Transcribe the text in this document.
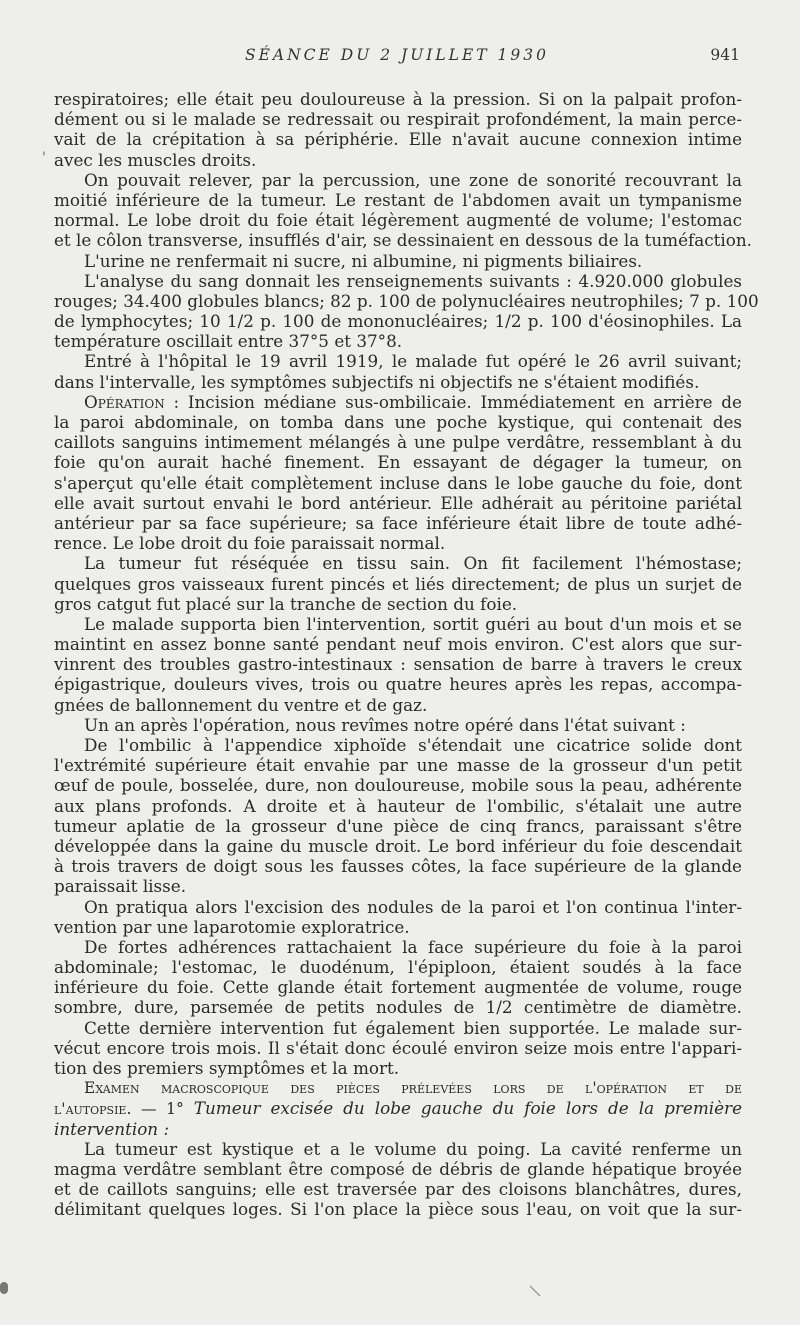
SÉANCE DU 2 JUILLET 1930	941
'
respiratoires; elle était peu douloureuse à la pression. Si on la palpait profon-
dément ou si le malade se redressait ou respirait profondément, la main perce-
vait de la crépitation à sa périphérie. Elle n'avait aucune connexion intime
avec les muscles droits.
On pouvait relever, par la percussion, une zone de sonorité recouvrant la
moitié inférieure de la tumeur. Le restant de l'abdomen avait un tympanisme
normal. Le lobe droit du foie était légèrement augmenté de volume; l'estomac
et le côlon transverse, insufflés d'air, se dessinaient en dessous de la tuméfaction.
L'urine ne renfermait ni sucre, ni albumine, ni pigments biliaires.
L'analyse du sang donnait les renseignements suivants : 4.920.000 globules
rouges; 34.400 globules blancs; 82 p. 100 de polynucléaires neutrophiles; 7 p. 100
de lymphocytes; 10 1/2 p. 100 de mononucléaires; 1/2 p. 100 d'éosinophiles. La
température oscillait entre 37°5 et 37°8.
Entré à l'hôpital le 19 avril 1919, le malade fut opéré le 26 avril suivant;
dans l'intervalle, les symptômes subjectifs ni objectifs ne s'étaient modifiés.
Opération : Incision médiane sus-ombilicaie. Immédiatement en arrière de
la paroi abdominale, on tomba dans une poche kystique, qui contenait des
caillots sanguins intimement mélangés à une pulpe verdâtre, ressemblant à du
foie qu'on aurait haché finement. En essayant de dégager la tumeur, on
s'aperçut qu'elle était complètement incluse dans le lobe gauche du foie, dont
elle avait surtout envahi le bord antérieur. Elle adhérait au péritoine pariétal
antérieur par sa face supérieure; sa face inférieure était libre de toute adhé-
rence. Le lobe droit du foie paraissait normal.
La tumeur fut réséquée en tissu sain. On fit facilement l'hémostase;
quelques gros vaisseaux furent pincés et liés directement; de plus un surjet de
gros catgut fut placé sur la tranche de section du foie.
Le malade supporta bien l'intervention, sortit guéri au bout d'un mois et se
maintint en assez bonne santé pendant neuf mois environ. C'est alors que sur-
vinrent des troubles gastro-intestinaux : sensation de barre à travers le creux
épigastrique, douleurs vives, trois ou quatre heures après les repas, accompa-
gnées de ballonnement du ventre et de gaz.
Un an après l'opération, nous revîmes notre opéré dans l'état suivant :
De l'ombilic à l'appendice xiphoïde s'étendait une cicatrice solide dont
l'extrémité supérieure était envahie par une masse de la grosseur d'un petit
œuf de poule, bosselée, dure, non douloureuse, mobile sous la peau, adhérente
aux plans profonds. A droite et à hauteur de l'ombilic, s'étalait une autre
tumeur aplatie de la grosseur d'une pièce de cinq francs, paraissant s'être
développée dans la gaine du muscle droit. Le bord inférieur du foie descendait
à trois travers de doigt sous les fausses côtes, la face supérieure de la glande
paraissait lisse.
On pratiqua alors l'excision des nodules de la paroi et l'on continua l'inter-
vention par une laparotomie exploratrice.
De fortes adhérences rattachaient la face supérieure du foie à la paroi
abdominale; l'estomac, le duodénum, l'épiploon, étaient soudés à la face
inférieure du foie. Cette glande était fortement augmentée de volume, rouge
sombre, dure, parsemée de petits nodules de 1/2 centimètre de diamètre.
Cette dernière intervention fut également bien supportée. Le malade sur-
vécut encore trois mois. Il s'était donc écoulé environ seize mois entre l'appari-
tion des premiers symptômes et la mort.
Examen macroscopique des pièces prélevées lors de l'opération et de
l'autopsie. — 1° Tumeur excisée du lobe gauche du foie lors de la première
intervention :
La tumeur est kystique et a le volume du poing. La cavité renferme un
magma verdâtre semblant être composé de débris de glande hépatique broyée
et de caillots sanguins; elle est traversée par des cloisons blanchâtres, dures,
délimitant quelques loges. Si l'on place la pièce sous l'eau, on voit que la sur-
